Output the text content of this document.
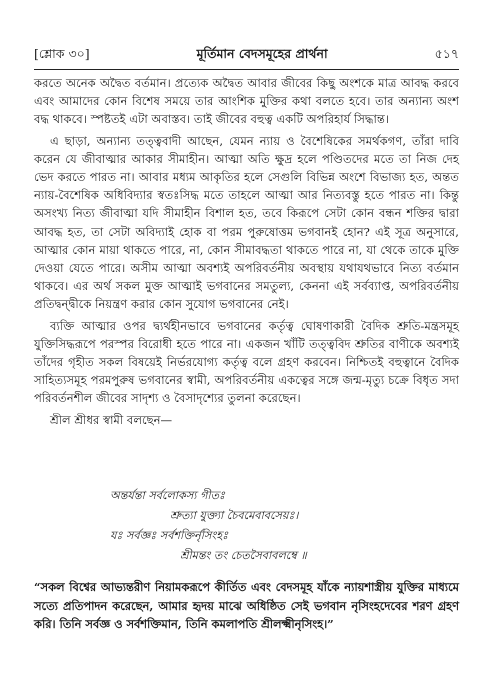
[শ্লোক ৩০]	মূর্তিমান বেদসমূহের প্রার্থনা	৫১৭

করতে অনেক অদ্বৈত বর্তমান। প্রত্যেক অদ্বৈত আবার জীবের কিছু অংশকে মাত্র আবদ্ধ করবে এবং আমাদের কোন বিশেষ সময়ে তার আংশিক মুক্তির কথা বলতে হবে। তার অন্যান্য অংশ বদ্ধ থাকবে। স্পষ্টতই এটা অবাস্তব। তাই জীবের বহুত্ব একটি অপরিহার্য সিদ্ধান্ত।

এ ছাড়া, অন্যান্য তত্ত্ববাদী আছেন, যেমন ন্যায় ও বৈশেষিকের সমর্থকগণ, তাঁরা দাবি করেন যে জীবাত্মার আকার সীমাহীন। আত্মা অতি ক্ষুদ্র হলে পণ্ডিতদের মতে তা নিজ দেহ ভেদ করতে পারত না। আবার মধ্যম আকৃতির হলে সেগুলি বিভিন্ন অংশে বিভাজ্য হত, অন্তত ন্যায়-বৈশেষিক অধিবিদ্যার স্বতঃসিদ্ধ মতে তাহলে আত্মা আর নিত্যবস্তু হতে পারত না। কিন্তু অসংখ্য নিত্য জীবাত্মা যদি সীমাহীন বিশাল হত, তবে কিরূপে সেটা কোন বন্ধন শক্তির দ্বারা আবদ্ধ হত, তা সেটা অবিদ্যাই হোক বা পরম পুরুষোত্তম ভগবানই হোন? এই সূত্র অনুসারে, আত্মার কোন মায়া থাকতে পারে, না, কোন সীমাবদ্ধতা থাকতে পারে না, যা থেকে তাকে মুক্তি দেওয়া যেতে পারে। অসীম আত্মা অবশ্যই অপরিবর্তনীয় অবস্থায় যথাযথভাবে নিত্য বর্তমান থাকবে। এর অর্থ সকল মুক্ত আত্মাই ভগবানের সমতুল্য, কেননা এই সর্বব্যাপ্ত, অপরিবর্তনীয় প্রতিদ্বন্দ্বীকে নিয়ন্ত্রণ করার কোন সুযোগ ভগবানের নেই।

ব্যক্তি আত্মার ওপর দ্ব্যর্থহীনভাবে ভগবানের কর্তৃত্ব ঘোষণাকারী বৈদিক শ্রুতি-মন্ত্রসমূহ যুক্তিসিদ্ধরূপে পরস্পর বিরোধী হতে পারে না। একজন খাঁটি তত্ত্ববিদ শ্রুতির বাণীকে অবশ্যই তাঁদের গৃহীত সকল বিষয়েই নির্ভরযোগ্য কর্তৃত্ব বলে গ্রহণ করবেন। নিশ্চিতই বহুত্বানে বৈদিক সাহিত্যসমূহ পরমপুরুষ ভগবানের স্বামী, অপরিবর্তনীয় একত্বের সঙ্গে জন্ম-মৃত্যু চক্রে বিধৃত সদা পরিবর্তনশীল জীবের সাদৃশ্য ও বৈসাদৃশ্যের তুলনা করেছেন।

শ্রীল শ্রীধর স্বামী বলছেন—

অন্তর্যন্তা সর্বলোকস্য গীতঃ
শ্রুত্যা যুক্ত্যা চৈবমেবাবসেয়ঃ।
যঃ সর্বজ্ঞঃ সর্বশক্তির্নৃসিংহঃ
শ্রীমন্তং তং চেতসৈবাবলম্বে ॥
“সকল বিশ্বের আভ্যন্তরীণ নিয়ামকরূপে কীর্তিত এবং বেদসমূহ যাঁকে ন্যায়শাস্ত্রীয় যুক্তির মাধ্যমে সত্যে প্রতিপাদন করেছেন, আমার হৃদয় মাঝে অধিষ্ঠিত সেই ভগবান নৃসিংহদেবের শরণ গ্রহণ করি। তিনি সর্বজ্ঞ ও সর্বশক্তিমান, তিনি কমলাপতি শ্রীলক্ষ্মীনৃসিংহ।”
